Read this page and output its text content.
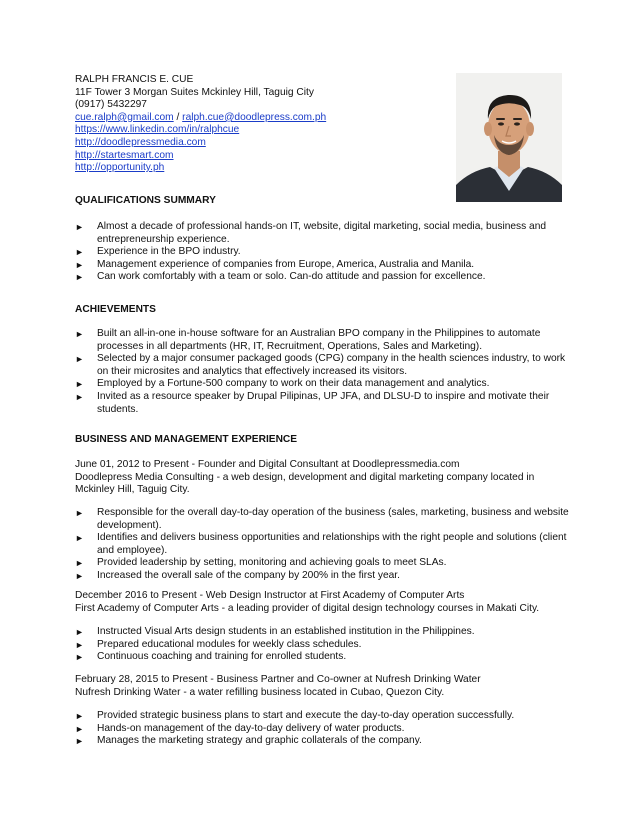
RALPH FRANCIS E. CUE
11F Tower 3 Morgan Suites Mckinley Hill, Taguig City
(0917) 5432297
cue.ralph@gmail.com / ralph.cue@doodlepress.com.ph
https://www.linkedin.com/in/ralphcue
http://doodlepressmedia.com
http://startesmart.com
http://opportunity.ph
QUALIFICATIONS SUMMARY
► Almost a decade of professional hands-on IT, website, digital marketing, social media, business and entrepreneurship experience.
► Experience in the BPO industry.
► Management experience of companies from Europe, America, Australia and Manila.
► Can work comfortably with a team or solo. Can-do attitude and passion for excellence.
ACHIEVEMENTS
► Built an all-in-one in-house software for an Australian BPO company in the Philippines to automate processes in all departments (HR, IT, Recruitment, Operations, Sales and Marketing).
► Selected by a major consumer packaged goods (CPG) company in the health sciences industry, to work on their microsites and analytics that effectively increased its visitors.
► Employed by a Fortune-500 company to work on their data management and analytics.
► Invited as a resource speaker by Drupal Pilipinas, UP JFA, and DLSU-D to inspire and motivate their students.
BUSINESS AND MANAGEMENT EXPERIENCE
June 01, 2012 to Present - Founder and Digital Consultant at Doodlepressmedia.com
Doodlepress Media Consulting - a web design, development and digital marketing company located in
Mckinley Hill, Taguig City.
► Responsible for the overall day-to-day operation of the business (sales, marketing, business and website development).
► Identifies and delivers business opportunities and relationships with the right people and solutions (client and employee).
► Provided leadership by setting, monitoring and achieving goals to meet SLAs.
► Increased the overall sale of the company by 200% in the first year.
December 2016 to Present - Web Design Instructor at First Academy of Computer Arts
First Academy of Computer Arts - a leading provider of digital design technology courses in Makati City.
► Instructed Visual Arts design students in an established institution in the Philippines.
► Prepared educational modules for weekly class schedules.
► Continuous coaching and training for enrolled students.
February 28, 2015 to Present - Business Partner and Co-owner at Nufresh Drinking Water
Nufresh Drinking Water - a water refilling business located in Cubao, Quezon City.
► Provided strategic business plans to start and execute the day-to-day operation successfully.
► Hands-on management of the day-to-day delivery of water products.
► Manages the marketing strategy and graphic collaterals of the company.
